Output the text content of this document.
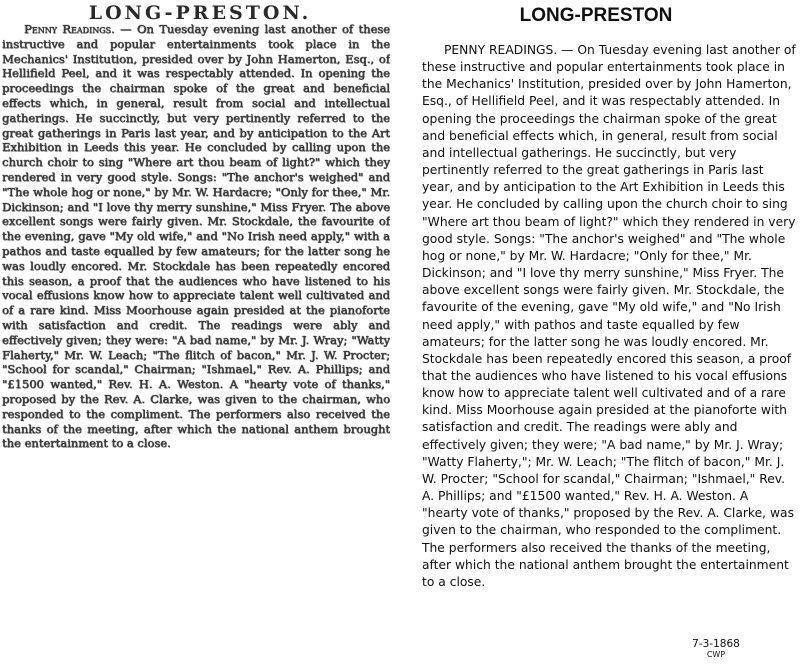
LONG-PRESTON.

Penny Readings. — On Tuesday evening last another of these instructive and popular entertainments took place in the Mechanics' Institution, presided over by John Hamerton, Esq., of Hellifield Peel, and it was respectably attended. In opening the proceedings the chairman spoke of the great and beneficial effects which, in general, result from social and intellectual gatherings. He succinctly, but very pertinently referred to the great gatherings in Paris last year, and by anticipation to the Art Exhibition in Leeds this year. He concluded by calling upon the church choir to sing "Where art thou beam of light?" which they rendered in very good style. Songs: "The anchor's weighed" and "The whole hog or none," by Mr. W. Hardacre; "Only for thee," Mr. Dickinson; and "I love thy merry sunshine," Miss Fryer. The above excellent songs were fairly given. Mr. Stockdale, the favourite of the evening, gave "My old wife," and "No Irish need apply," with a pathos and taste equalled by few amateurs; for the latter song he was loudly encored. Mr. Stockdale has been repeatedly encored this season, a proof that the audiences who have listened to his vocal effusions know how to appreciate talent well cultivated and of a rare kind. Miss Moorhouse again presided at the pianoforte with satisfaction and credit. The readings were ably and effectively given; they were: "A bad name," by Mr. J. Wray; "Watty Flaherty," Mr. W. Leach; "The flitch of bacon," Mr. J. W. Procter; "School for scandal," Chairman; "Ishmael," Rev. A. Phillips; and "£1500 wanted," Rev. H. A. Weston. A "hearty vote of thanks," proposed by the Rev. A. Clarke, was given to the chairman, who responded to the compliment. The performers also received the thanks of the meeting, after which the national anthem brought the entertainment to a close.

LONG-PRESTON

PENNY READINGS. — On Tuesday evening last another of these instructive and popular entertainments took place in the Mechanics' Institution, presided over by John Hamerton, Esq., of Hellifield Peel, and it was respectably attended. In opening the proceedings the chairman spoke of the great and beneficial effects which, in general, result from social and intellectual gatherings. He succinctly, but very pertinently referred to the great gatherings in Paris last year, and by anticipation to the Art Exhibition in Leeds this year. He concluded by calling upon the church choir to sing "Where art thou beam of light?" which they rendered in very good style. Songs: "The anchor's weighed" and "The whole hog or none," by Mr. W. Hardacre; "Only for thee," Mr. Dickinson; and "I love thy merry sunshine," Miss Fryer. The above excellent songs were fairly given. Mr. Stockdale, the favourite of the evening, gave "My old wife," and "No Irish need apply," with pathos and taste equalled by few amateurs; for the latter song he was loudly encored. Mr. Stockdale has been repeatedly encored this season, a proof that the audiences who have listened to his vocal effusions know how to appreciate talent well cultivated and of a rare kind. Miss Moorhouse again presided at the pianoforte with satisfaction and credit. The readings were ably and effectively given; they were; "A bad name," by Mr. J. Wray; "Watty Flaherty,"; Mr. W. Leach; "The flitch of bacon," Mr. J. W. Procter; "School for scandal," Chairman; "Ishmael," Rev. A. Phillips; and "£1500 wanted," Rev. H. A. Weston. A "hearty vote of thanks," proposed by the Rev. A. Clarke, was given to the chairman, who responded to the compliment. The performers also received the thanks of the meeting, after which the national anthem brought the entertainment to a close.

7-3-1868
CWP
